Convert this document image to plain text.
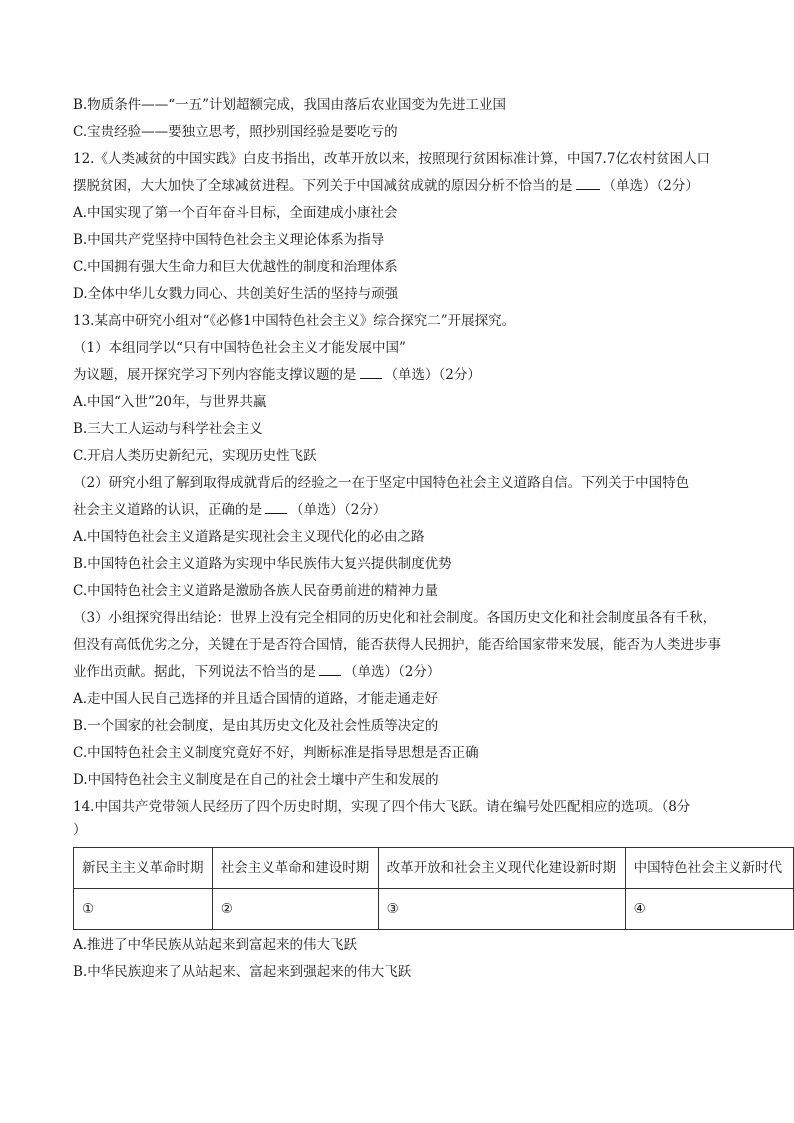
B.物质条件——“一五”计划超额完成，我国由落后农业国变为先进工业国
C.宝贵经验——要独立思考，照抄别国经验是要吃亏的
12.《人类减贫的中国实践》白皮书指出，改革开放以来，按照现行贫困标准计算，中国7.7亿农村贫困人口摆脱贫困，大大加快了全球减贫进程。下列关于中国减贫成就的原因分析不恰当的是 （单选）（2分）
A.中国实现了第一个百年奋斗目标，全面建成小康社会
B.中国共产党坚持中国特色社会主义理论体系为指导
C.中国拥有强大生命力和巨大优越性的制度和治理体系
D.全体中华儿女戮力同心、共创美好生活的坚持与顽强
13.某高中研究小组对“《必修1中国特色社会主义》综合探究二”开展探究。
（1）本组同学以“只有中国特色社会主义才能发展中国”
为议题，展开探究学习下列内容能支撑议题的是 （单选）（2分）
A.中国“入世”20年，与世界共赢
B.三大工人运动与科学社会主义
C.开启人类历史新纪元，实现历史性飞跃
（2）研究小组了解到取得成就背后的经验之一在于坚定中国特色社会主义道路自信。下列关于中国特色
社会主义道路的认识，正确的是 （单选）（2分）
A.中国特色社会主义道路是实现社会主义现代化的必由之路
B.中国特色社会主义道路为实现中华民族伟大复兴提供制度优势
C.中国特色社会主义道路是激励各族人民奋勇前进的精神力量
（3）小组探究得出结论：世界上没有完全相同的历史化和社会制度。各国历史文化和社会制度虽各有千秋，但没有高低优劣之分，关键在于是否符合国情，能否获得人民拥护，能否给国家带来发展，能否为人类进步事业作出贡献。据此，下列说法不恰当的是 （单选）（2分）
A.走中国人民自己选择的并且适合国情的道路，才能走通走好
B.一个国家的社会制度，是由其历史文化及社会性质等决定的
C.中国特色社会主义制度究竟好不好，判断标准是指导思想是否正确
D.中国特色社会主义制度是在自己的社会土壤中产生和发展的
14.中国共产党带领人民经历了四个历史时期，实现了四个伟大飞跃。请在编号处匹配相应的选项。（8分
）
新民主主义革命时期	社会主义革命和建设时期	改革开放和社会主义现代化建设新时期	中国特色社会主义新时代
①	②	③	④
A.推进了中华民族从站起来到富起来的伟大飞跃
B.中华民族迎来了从站起来、富起来到强起来的伟大飞跃
